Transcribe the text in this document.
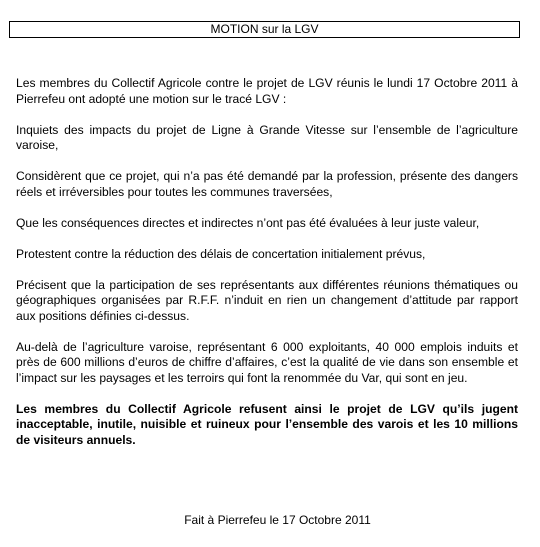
MOTION sur la LGV

Les membres du Collectif Agricole contre le projet de LGV réunis le lundi 17 Octobre 2011 à Pierrefeu ont adopté une motion sur le tracé LGV :

Inquiets des impacts du projet de Ligne à Grande Vitesse sur l’ensemble de l’agriculture varoise,

Considèrent que ce projet, qui n’a pas été demandé par la profession, présente des dangers réels et irréversibles pour toutes les communes traversées,

Que les conséquences directes et indirectes n’ont pas été évaluées à leur juste valeur,

Protestent contre la réduction des délais de concertation initialement prévus,

Précisent que la participation de ses représentants aux différentes réunions thématiques ou géographiques organisées par R.F.F. n’induit en rien un changement d’attitude par rapport aux positions définies ci-dessus.

Au-delà de l’agriculture varoise, représentant 6 000 exploitants, 40 000 emplois induits et près de 600 millions d’euros de chiffre d’affaires, c’est la qualité de vie dans son ensemble et l’impact sur les paysages et les terroirs qui font la renommée du Var, qui sont en jeu.

Les membres du Collectif Agricole refusent ainsi le projet de LGV qu’ils jugent inacceptable, inutile, nuisible et ruineux pour l’ensemble des varois et les 10 millions de visiteurs annuels.

Fait à Pierrefeu le 17 Octobre 2011
